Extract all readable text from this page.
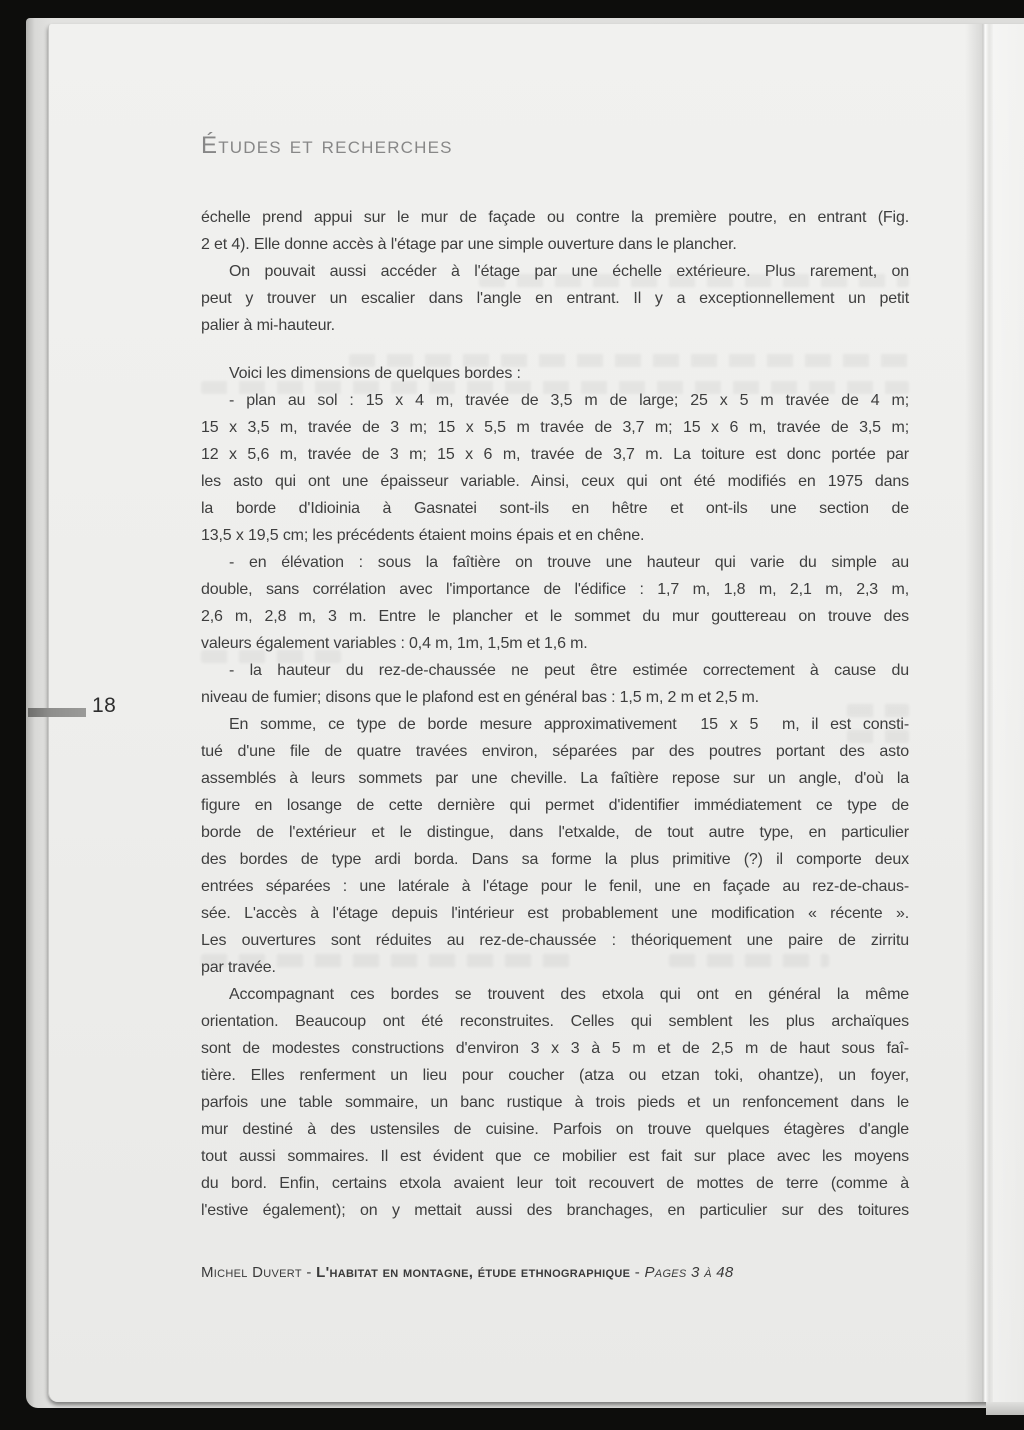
Études et recherches
échelle prend appui sur le mur de façade ou contre la première poutre, en entrant (Fig.
2 et 4). Elle donne accès à l'étage par une simple ouverture dans le plancher.
On pouvait aussi accéder à l'étage par une échelle extérieure. Plus rarement, on
peut y trouver un escalier dans l'angle en entrant. Il y a exceptionnellement un petit
palier à mi-hauteur.
Voici les dimensions de quelques bordes :
- plan au sol : 15 x 4 m, travée de 3,5 m de large; 25 x 5 m travée de 4 m;
15 x 3,5 m, travée de 3 m; 15 x 5,5 m travée de 3,7 m; 15 x 6 m, travée de 3,5 m;
12 x 5,6 m, travée de 3 m; 15 x 6 m, travée de 3,7 m. La toiture est donc portée par
les asto qui ont une épaisseur variable. Ainsi, ceux qui ont été modifiés en 1975 dans
la borde d'Idioinia à Gasnatei sont-ils en hêtre et ont-ils une section de
13,5 x 19,5 cm; les précédents étaient moins épais et en chêne.
- en élévation : sous la faîtière on trouve une hauteur qui varie du simple au
double, sans corrélation avec l'importance de l'édifice : 1,7 m, 1,8 m, 2,1 m, 2,3 m,
2,6 m, 2,8 m, 3 m. Entre le plancher et le sommet du mur gouttereau on trouve des
valeurs également variables : 0,4 m, 1m, 1,5m et 1,6 m.
- la hauteur du rez-de-chaussée ne peut être estimée correctement à cause du
niveau de fumier; disons que le plafond est en général bas : 1,5 m, 2 m et 2,5 m.
En somme, ce type de borde mesure approximativement  15 x 5  m, il est consti-
tué d'une file de quatre travées environ, séparées par des poutres portant des asto
assemblés à leurs sommets par une cheville. La faîtière repose sur un angle, d'où la
figure en losange de cette dernière qui permet d'identifier immédiatement ce type de
borde de l'extérieur et le distingue, dans l'etxalde, de tout autre type, en particulier
des bordes de type ardi borda. Dans sa forme la plus primitive (?) il comporte deux
entrées séparées : une latérale à l'étage pour le fenil, une en façade au rez-de-chaus-
sée. L'accès à l'étage depuis l'intérieur est probablement une modification « récente ».
Les ouvertures sont réduites au rez-de-chaussée : théoriquement une paire de zirritu
par travée.
Accompagnant ces bordes se trouvent des etxola qui ont en général la même
orientation. Beaucoup ont été reconstruites. Celles qui semblent les plus archaïques
sont de modestes constructions d'environ 3 x 3 à 5 m et de 2,5 m de haut sous faî-
tière. Elles renferment un lieu pour coucher (atza ou etzan toki, ohantze), un foyer,
parfois une table sommaire, un banc rustique à trois pieds et un renfoncement dans le
mur destiné à des ustensiles de cuisine. Parfois on trouve quelques étagères d'angle
tout aussi sommaires. Il est évident que ce mobilier est fait sur place avec les moyens
du bord. Enfin, certains etxola avaient leur toit recouvert de mottes de terre (comme à
l'estive également); on y mettait aussi des branchages, en particulier sur des toitures
Michel Duvert - L'habitat en montagne, étude ethnographique - Pages 3 à 48
18
